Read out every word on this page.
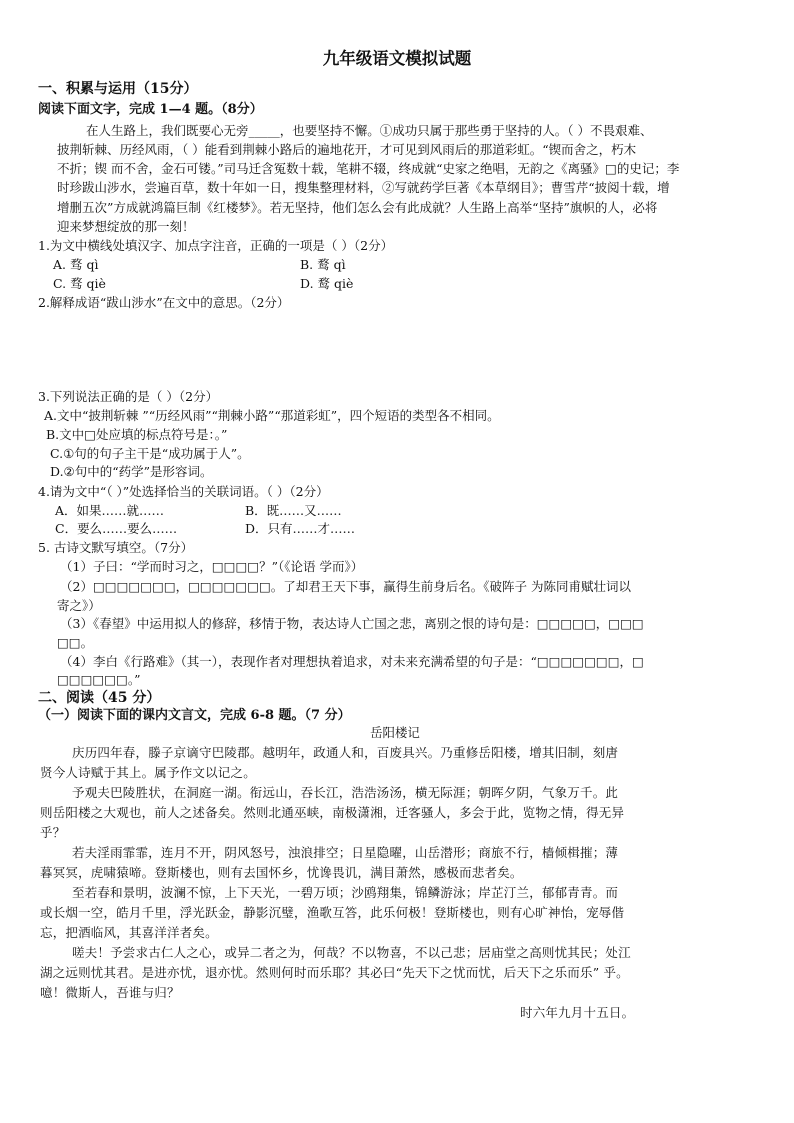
九年级语文模拟试题
一、积累与运用（15分）
阅读下面文字，完成 1—4 题。（8分）
在人生路上，我们既要心无旁_____，也要坚持不懈。①成功只属于那些勇于坚持的人。（ ）不畏艰难、
披荆斩棘、历经风雨，（ ）能看到荆棘小路后的遍地花开，才可见到风雨后的那道彩虹。“锲而舍之，朽木
不折；锲 而不舍，金石可镂。”司马迁含冤数十载，笔耕不辍，终成就“史家之绝唱，无韵之《离骚》□的史记；李
时珍跋山涉水，尝遍百草，数十年如一日，搜集整理材料，②写就药学巨著《本草纲目》；曹雪芹“披阅十载，增
增删五次”方成就鸿篇巨制《红楼梦》。若无坚持，他们怎么会有此成就？人生路上高举“坚持”旗帜的人，必将
迎来梦想绽放的那一刻！
1.为文中横线处填汉字、加点字注音，正确的一项是（ ）（2分）
A. 骛 qì	B. 鹜 qì
C. 骛 qiè	D. 鹜 qiè
2.解释成语“跋山涉水”在文中的意思。（2分）
3.下列说法正确的是（ ）（2分）
A.文中“披荆斩棘 ”“历经风雨”“荆棘小路”“那道彩虹”，四个短语的类型各不相同。
B.文中□处应填的标点符号是：。”
C.①句的句子主干是“成功属于人”。
D.②句中的“药学”是形容词。
4.请为文中“（ ）”处选择恰当的关联词语。（ ）（2分）
A．如果……就……	B．既……又……
C．要么……要么……	D．只有……才……
5. 古诗文默写填空。（7分）
（1）子曰：“学而时习之，□□□□？”（《论语 学而》）
（2）□□□□□□□，□□□□□□□。了却君王天下事，赢得生前身后名。《破阵子 为陈同甫赋壮词以
寄之》）
（3）《春望》中运用拟人的修辞，移情于物，表达诗人亡国之悲，离别之恨的诗句是：□□□□□，□□□
□□。
（4）李白《行路难》（其一），表现作者对理想执着追求，对未来充满希望的句子是：“□□□□□□□，□
□□□□□□。”
二、阅读（45 分）
（一）阅读下面的课内文言文，完成 6-8 题。（7 分）
岳阳楼记
庆历四年春，滕子京谪守巴陵郡。越明年，政通人和，百废具兴。乃重修岳阳楼，增其旧制，刻唐
贤今人诗赋于其上。属予作文以记之。
予观夫巴陵胜状，在洞庭一湖。衔远山，吞长江，浩浩汤汤，横无际涯；朝晖夕阴，气象万千。此
则岳阳楼之大观也，前人之述备矣。然则北通巫峡，南极潇湘，迁客骚人，多会于此，览物之情，得无异
乎？
若夫淫雨霏霏，连月不开，阴风怒号，浊浪排空；日星隐曜，山岳潜形；商旅不行，樯倾楫摧；薄
暮冥冥，虎啸猿啼。登斯楼也，则有去国怀乡，忧谗畏讥，满目萧然，感极而悲者矣。
至若春和景明，波澜不惊，上下天光，一碧万顷；沙鸥翔集，锦鳞游泳；岸芷汀兰，郁郁青青。而
或长烟一空，皓月千里，浮光跃金，静影沉璧，渔歌互答，此乐何极！登斯楼也，则有心旷神怡，宠辱偕
忘，把酒临风，其喜洋洋者矣。
嗟夫！予尝求古仁人之心，或异二者之为，何哉？不以物喜，不以己悲；居庙堂之高则忧其民；处江
湖之远则忧其君。是进亦忧，退亦忧。然则何时而乐耶？其必曰“先天下之忧而忧，后天下之乐而乐” 乎。
噫！微斯人，吾谁与归？
时六年九月十五日。
